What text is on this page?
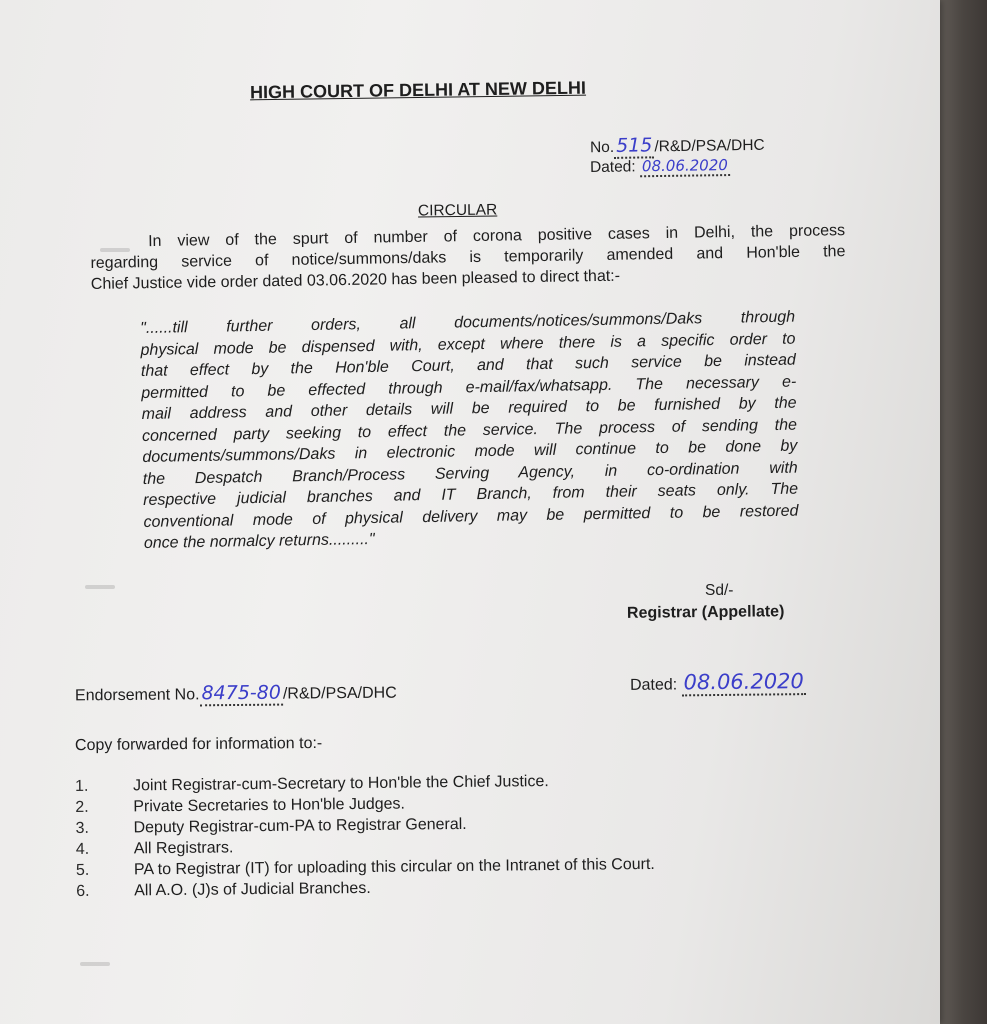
HIGH COURT OF DELHI AT NEW DELHI
No.515 /R&D/PSA/DHC
Dated: 08.06.2020
CIRCULAR
In view of the spurt of number of corona positive cases in Delhi, the process
regarding service of notice/summons/daks is temporarily amended and Hon'ble the
Chief Justice vide order dated 03.06.2020 has been pleased to direct that:-
"......till further orders, all documents/notices/summons/Daks through
physical mode be dispensed with, except where there is a specific order to
that effect by the Hon'ble Court, and that such service be instead
permitted to be effected through e-mail/fax/whatsapp. The necessary e-
mail address and other details will be required to be furnished by the
concerned party seeking to effect the service. The process of sending the
documents/summons/Daks in electronic mode will continue to be done by
the Despatch Branch/Process Serving Agency, in co-ordination with
respective judicial branches and IT Branch, from their seats only. The
conventional mode of physical delivery may be permitted to be restored
once the normalcy returns........."
Sd/-
Registrar (Appellate)
Endorsement No.8475-80 /R&D/PSA/DHC	Dated: 08.06.2020
Copy forwarded for information to:-
1.	Joint Registrar-cum-Secretary to Hon'ble the Chief Justice.
2.	Private Secretaries to Hon'ble Judges.
3.	Deputy Registrar-cum-PA to Registrar General.
4.	All Registrars.
5.	PA to Registrar (IT) for uploading this circular on the Intranet of this Court.
6.	All A.O. (J)s of Judicial Branches.
